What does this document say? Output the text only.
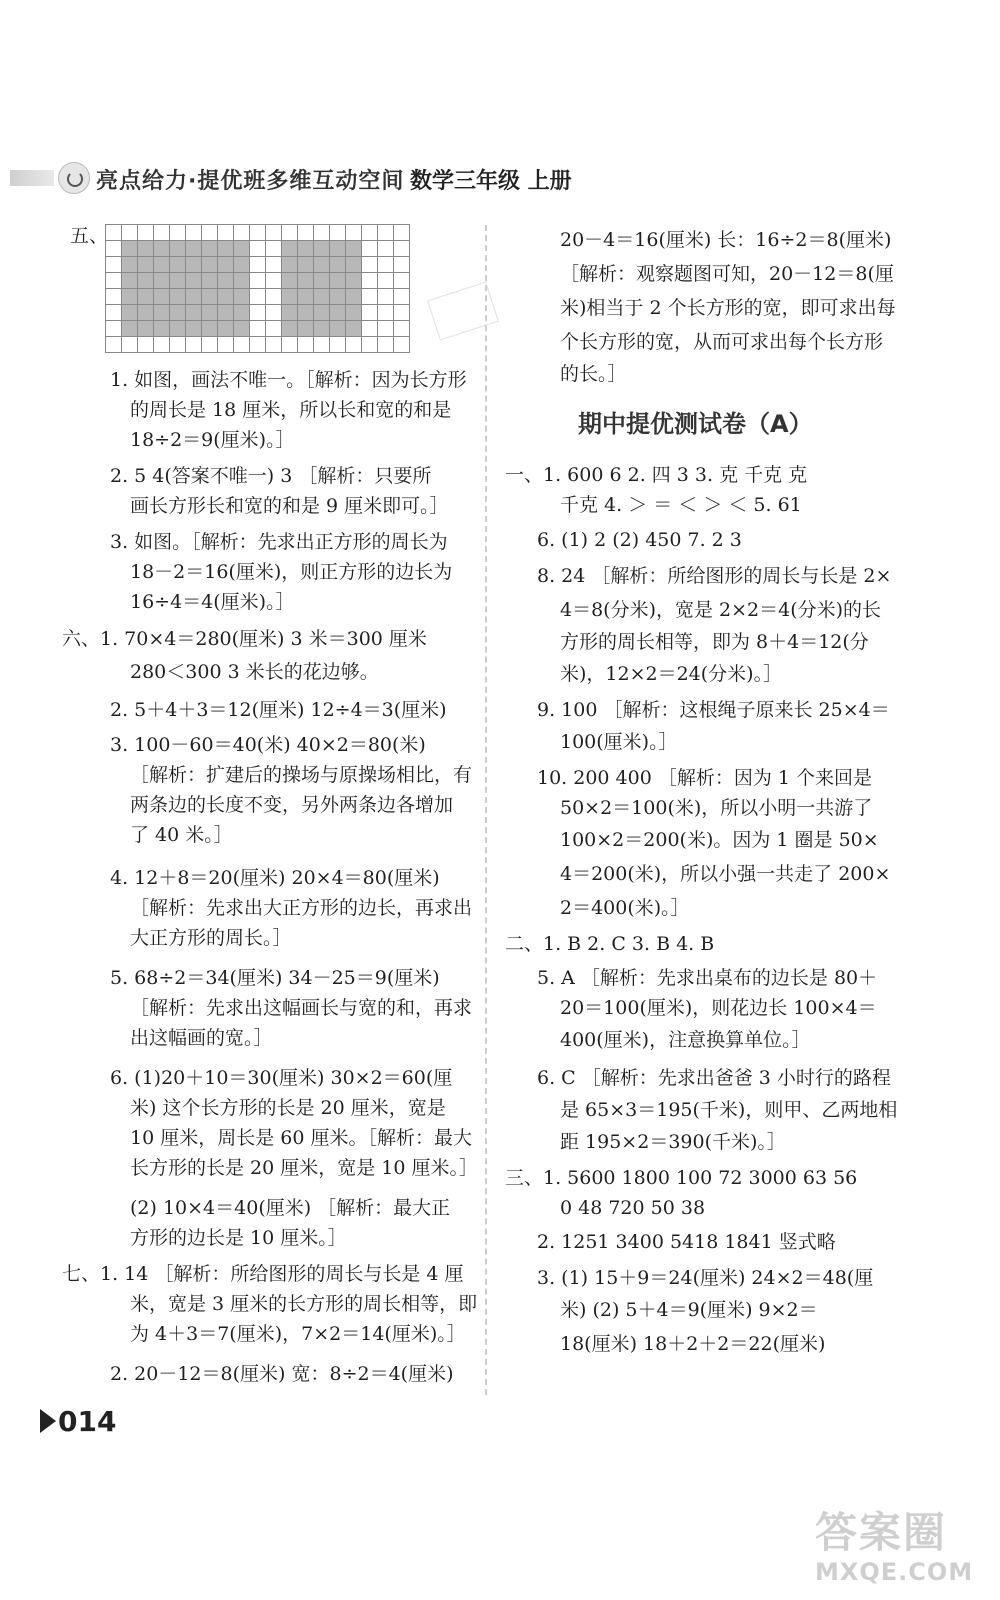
亮点给力·提优班多维互动空间 数学三年级 上册
五、
1. 如图，画法不唯一。［解析：因为长方形
的周长是 18 厘米，所以长和宽的和是
18÷2＝9(厘米)。］
2. 5 4(答案不唯一) 3 ［解析：只要所
画长方形长和宽的和是 9 厘米即可。］
3. 如图。［解析：先求出正方形的周长为
18－2＝16(厘米)，则正方形的边长为
16÷4＝4(厘米)。］
六、1. 70×4＝280(厘米) 3 米＝300 厘米
280＜300 3 米长的花边够。
2. 5＋4＋3＝12(厘米) 12÷4＝3(厘米)
3. 100－60＝40(米) 40×2＝80(米)
［解析：扩建后的操场与原操场相比，有
两条边的长度不变，另外两条边各增加
了 40 米。］
4. 12＋8＝20(厘米) 20×4＝80(厘米)
［解析：先求出大正方形的边长，再求出
大正方形的周长。］
5. 68÷2＝34(厘米) 34－25＝9(厘米)
［解析：先求出这幅画长与宽的和，再求
出这幅画的宽。］
6. (1)20＋10＝30(厘米) 30×2＝60(厘
米) 这个长方形的长是 20 厘米，宽是
10 厘米，周长是 60 厘米。［解析：最大
长方形的长是 20 厘米，宽是 10 厘米。］
(2) 10×4＝40(厘米) ［解析：最大正
方形的边长是 10 厘米。］
七、1. 14 ［解析：所给图形的周长与长是 4 厘
米，宽是 3 厘米的长方形的周长相等，即
为 4＋3＝7(厘米)，7×2＝14(厘米)。］
2. 20－12＝8(厘米) 宽：8÷2＝4(厘米)
20－4＝16(厘米) 长：16÷2＝8(厘米)
［解析：观察题图可知，20－12＝8(厘
米)相当于 2 个长方形的宽，即可求出每
个长方形的宽，从而可求出每个长方形
的长。］
一、1. 600 6 2. 四 3 3. 克 千克 克
千克 4. ＞ ＝ ＜ ＞ ＜ 5. 61
6. (1) 2 (2) 450 7. 2 3
8. 24 ［解析：所给图形的周长与长是 2×
4＝8(分米)，宽是 2×2＝4(分米)的长
方形的周长相等，即为 8＋4＝12(分
米)，12×2＝24(分米)。］
9. 100 ［解析：这根绳子原来长 25×4＝
100(厘米)。］
10. 200 400 ［解析：因为 1 个来回是
50×2＝100(米)，所以小明一共游了
100×2＝200(米)。因为 1 圈是 50×
4＝200(米)，所以小强一共走了 200×
2＝400(米)。］
二、1. B 2. C 3. B 4. B
5. A ［解析：先求出桌布的边长是 80＋
20＝100(厘米)，则花边长 100×4＝
400(厘米)，注意换算单位。］
6. C ［解析：先求出爸爸 3 小时行的路程
是 65×3＝195(千米)，则甲、乙两地相
距 195×2＝390(千米)。］
三、1. 5600 1800 100 72 3000 63 56
0 48 720 50 38
2. 1251 3400 5418 1841 竖式略
3. (1) 15＋9＝24(厘米) 24×2＝48(厘
米) (2) 5＋4＝9(厘米) 9×2＝
18(厘米) 18＋2＋2＝22(厘米)
期中提优测试卷（A）
014
答案圈
MXQE.COM
